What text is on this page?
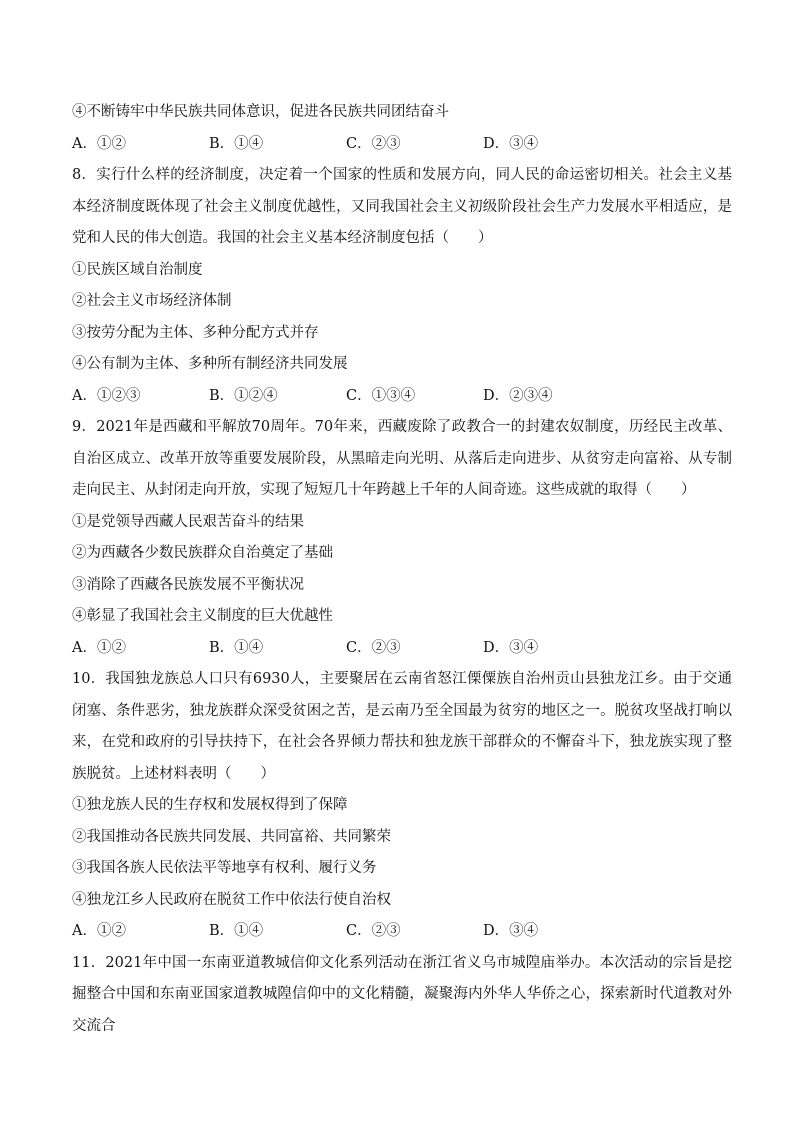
④不断铸牢中华民族共同体意识，促进各民族共同团结奋斗
A．①②	B．①④	C．②③	D．③④
8．实行什么样的经济制度，决定着一个国家的性质和发展方向，同人民的命运密切相关。社会主义基本经济制度既体现了社会主义制度优越性，又同我国社会主义初级阶段社会生产力发展水平相适应，是党和人民的伟大创造。我国的社会主义基本经济制度包括（　　）
①民族区域自治制度
②社会主义市场经济体制
③按劳分配为主体、多种分配方式并存
④公有制为主体、多种所有制经济共同发展
A．①②③	B．①②④	C．①③④	D．②③④
9．2021年是西藏和平解放70周年。70年来，西藏废除了政教合一的封建农奴制度，历经民主改革、自治区成立、改革开放等重要发展阶段，从黑暗走向光明、从落后走向进步、从贫穷走向富裕、从专制走向民主、从封闭走向开放，实现了短短几十年跨越上千年的人间奇迹。这些成就的取得（　　）
①是党领导西藏人民艰苦奋斗的结果
②为西藏各少数民族群众自治奠定了基础
③消除了西藏各民族发展不平衡状况
④彰显了我国社会主义制度的巨大优越性
A．①②	B．①④	C．②③	D．③④
10．我国独龙族总人口只有6930人，主要聚居在云南省怒江傈僳族自治州贡山县独龙江乡。由于交通闭塞、条件恶劣，独龙族群众深受贫困之苦，是云南乃至全国最为贫穷的地区之一。脱贫攻坚战打响以来，在党和政府的引导扶持下，在社会各界倾力帮扶和独龙族干部群众的不懈奋斗下，独龙族实现了整族脱贫。上述材料表明（　　）
①独龙族人民的生存权和发展权得到了保障
②我国推动各民族共同发展、共同富裕、共同繁荣
③我国各族人民依法平等地享有权利、履行义务
④独龙江乡人民政府在脱贫工作中依法行使自治权
A．①②	B．①④	C．②③	D．③④
11．2021年中国一东南亚道教城信仰文化系列活动在浙江省义乌市城隍庙举办。本次活动的宗旨是挖掘整合中国和东南亚国家道教城隍信仰中的文化精髓，凝聚海内外华人华侨之心，探索新时代道教对外交流合
